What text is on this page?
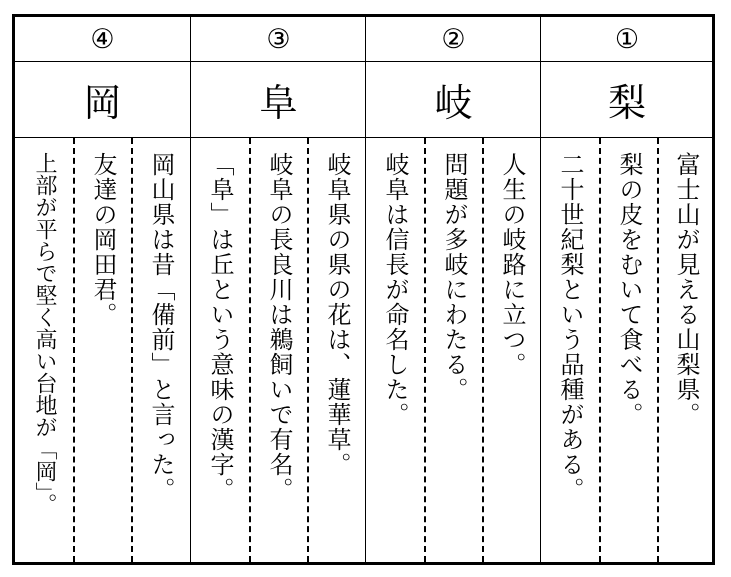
④
岡
上部が平らで堅く高い台地が「岡」。 友達の岡田君。 岡山県は昔「備前」と言った。
③
阜
「阜」は丘という意味の漢字。 岐阜の長良川は鵜飼いで有名。 岐阜県の県の花は、蓮華草。
②
岐
岐阜は信長が命名した。 問題が多岐にわたる。 人生の岐路に立つ。
①
梨
二十世紀梨という品種がある。 梨の皮をむいて食べる。 富士山が見える山梨県。
